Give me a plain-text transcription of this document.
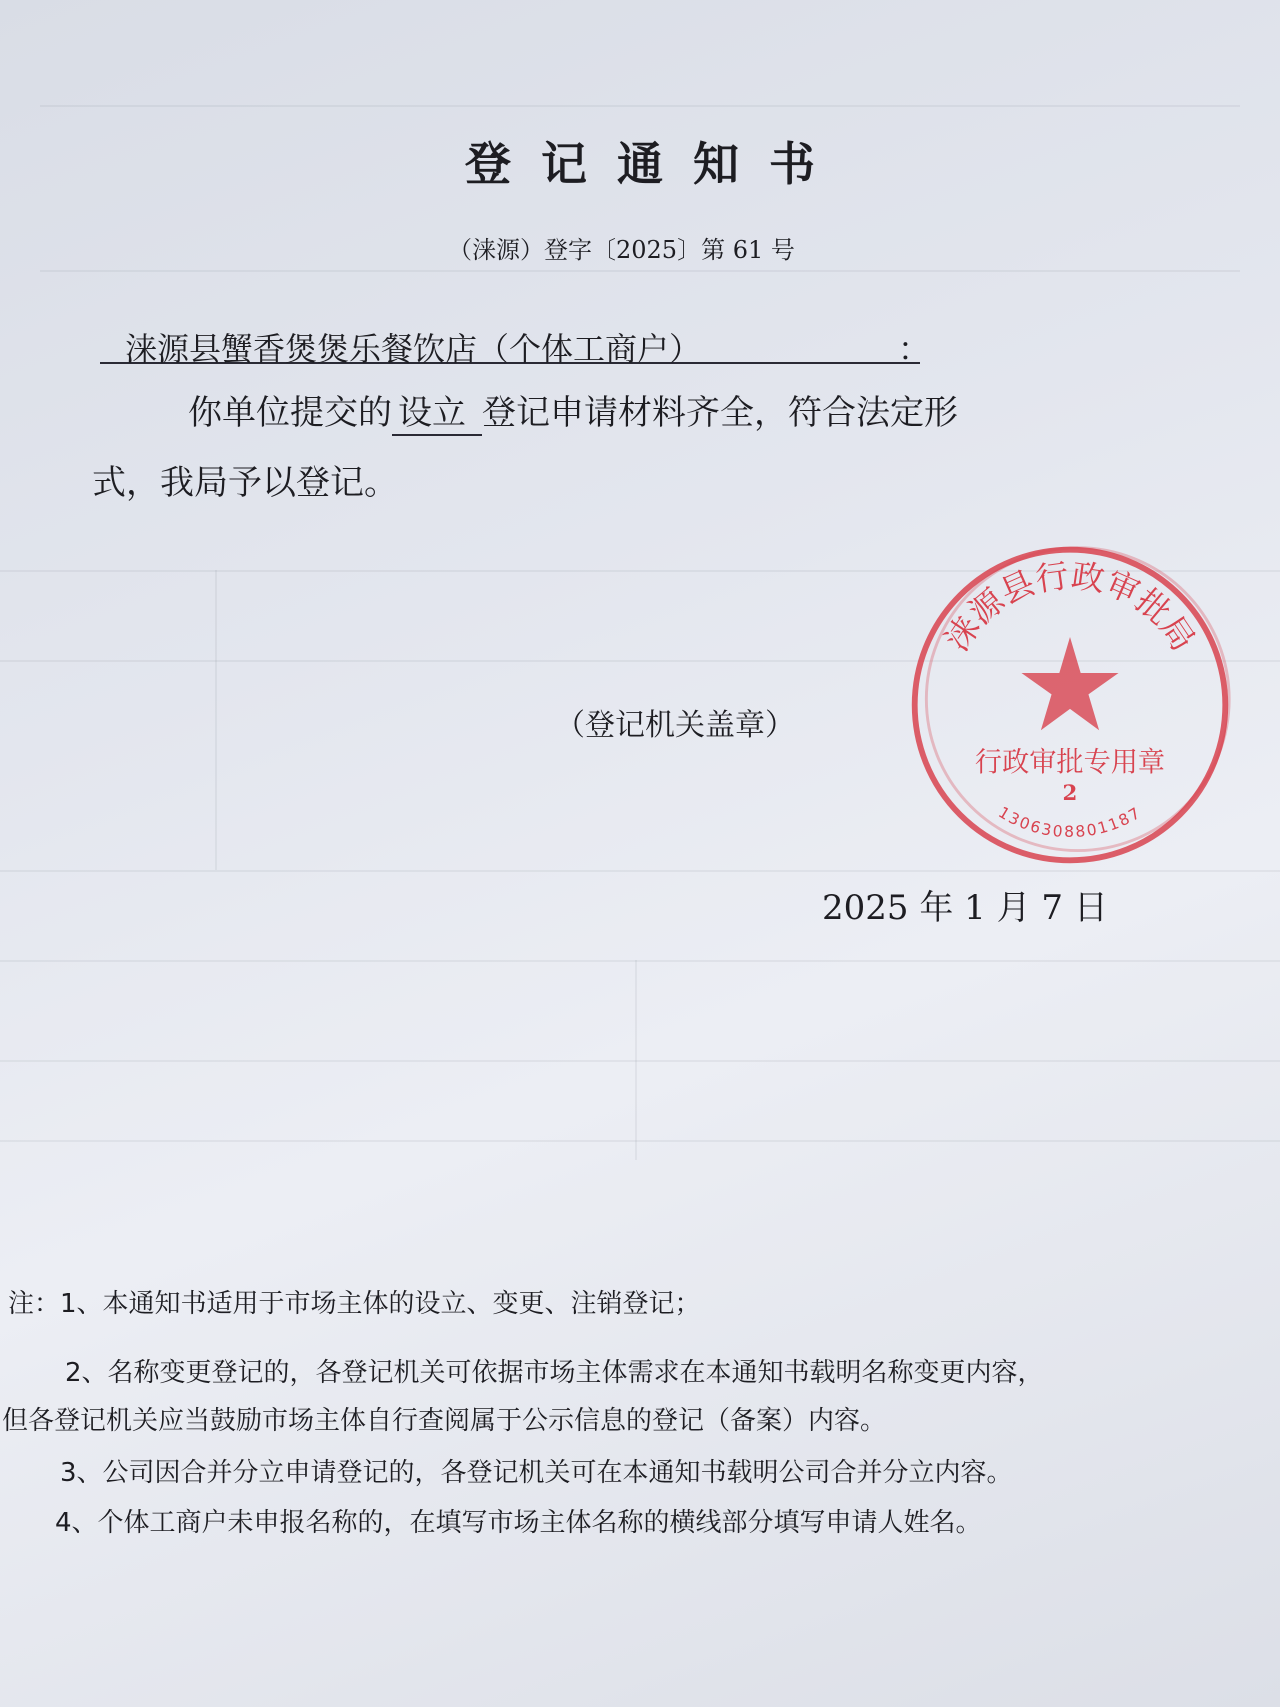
登记通知书
（涞源）登字〔2025〕第 61 号
涞源县蟹香煲煲乐餐饮店（个体工商户）	：
你单位提交的 设立 登记申请材料齐全，符合法定形
式，我局予以登记。
涞源县行政审批局
行政审批专用章
2
1306308801187
（登记机关盖章）
2025 年 1 月 7 日
注：1、本通知书适用于市场主体的设立、变更、注销登记；
2、名称变更登记的，各登记机关可依据市场主体需求在本通知书载明名称变更内容，
但各登记机关应当鼓励市场主体自行查阅属于公示信息的登记（备案）内容。
3、公司因合并分立申请登记的，各登记机关可在本通知书载明公司合并分立内容。
4、个体工商户未申报名称的，在填写市场主体名称的横线部分填写申请人姓名。
